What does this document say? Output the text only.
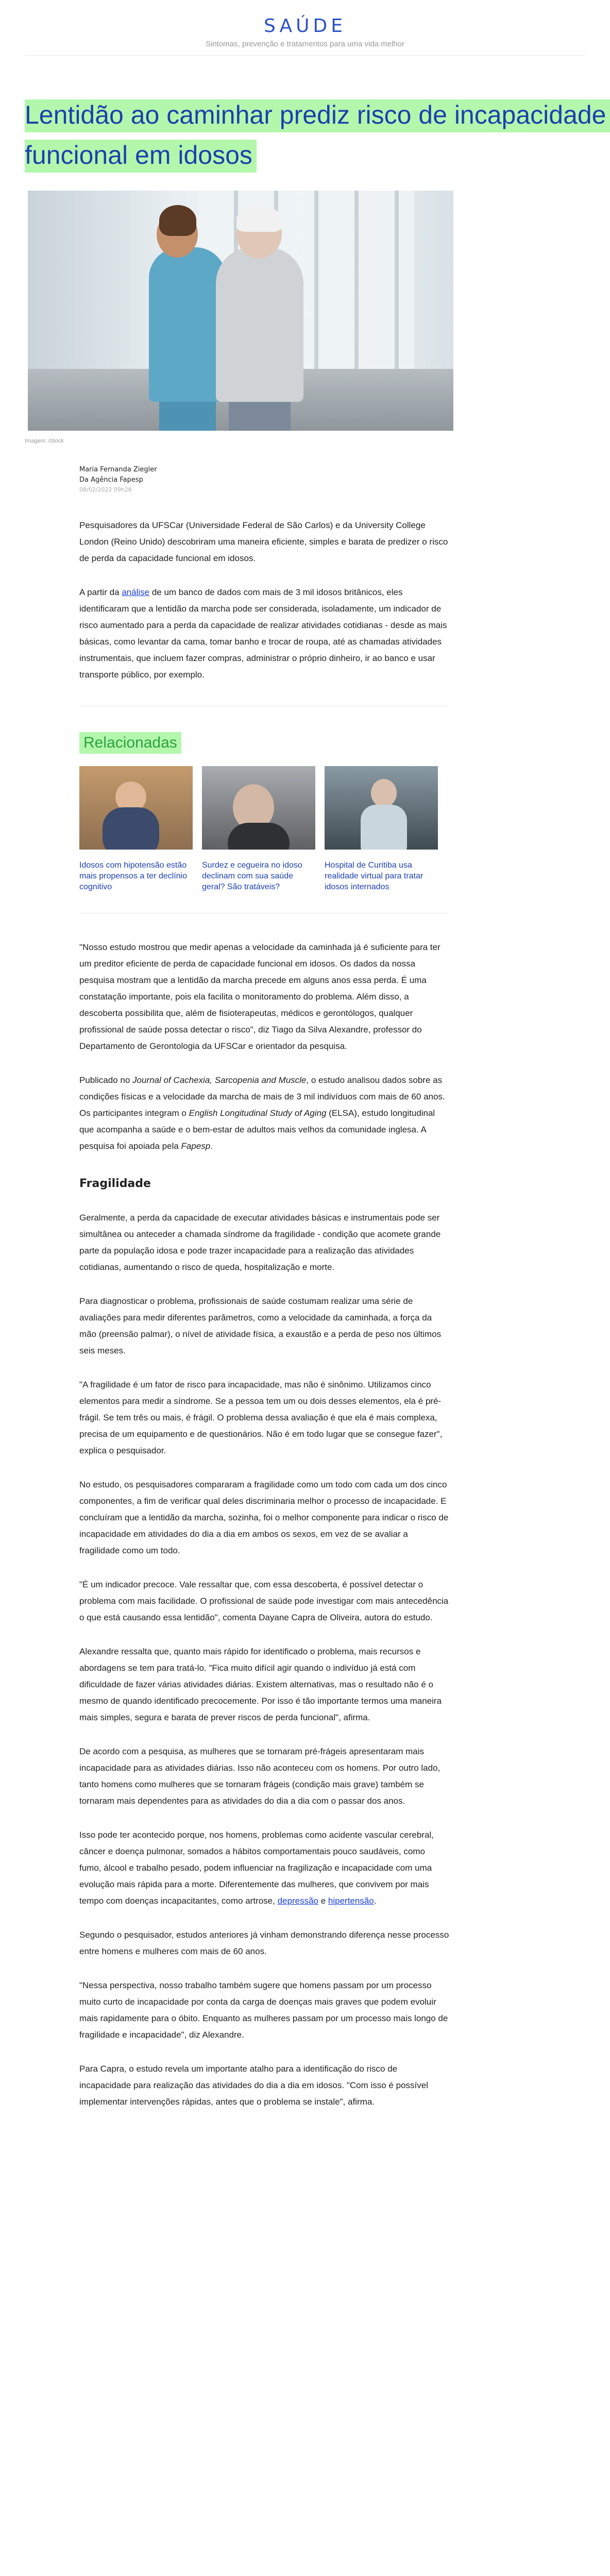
SAÚDE
Sintomas, prevenção e tratamentos para uma vida melhor
Lentidão ao caminhar prediz risco de incapacidade funcional em idosos
Imagem: iStock
Maria Fernanda Ziegler
Da Agência Fapesp
08/02/2022 09h26

Pesquisadores da UFSCar (Universidade Federal de São Carlos) e da University College London (Reino Unido) descobriram uma maneira eficiente, simples e barata de predizer o risco de perda da capacidade funcional em idosos.

A partir da análise de um banco de dados com mais de 3 mil idosos britânicos, eles identificaram que a lentidão da marcha pode ser considerada, isoladamente, um indicador de risco aumentado para a perda da capacidade de realizar atividades cotidianas - desde as mais básicas, como levantar da cama, tomar banho e trocar de roupa, até as chamadas atividades instrumentais, que incluem fazer compras, administrar o próprio dinheiro, ir ao banco e usar transporte público, por exemplo.

Relacionadas
Idosos com hipotensão estão mais propensos a ter declínio cognitivo
Surdez e cegueira no idoso declinam com sua saúde geral? São tratáveis?
Hospital de Curitiba usa realidade virtual para tratar idosos internados

"Nosso estudo mostrou que medir apenas a velocidade da caminhada já é suficiente para ter um preditor eficiente de perda de capacidade funcional em idosos. Os dados da nossa pesquisa mostram que a lentidão da marcha precede em alguns anos essa perda. É uma constatação importante, pois ela facilita o monitoramento do problema. Além disso, a descoberta possibilita que, além de fisioterapeutas, médicos e gerontólogos, qualquer profissional de saúde possa detectar o risco", diz Tiago da Silva Alexandre, professor do Departamento de Gerontologia da UFSCar e orientador da pesquisa.

Publicado no Journal of Cachexia, Sarcopenia and Muscle, o estudo analisou dados sobre as condições físicas e a velocidade da marcha de mais de 3 mil indivíduos com mais de 60 anos. Os participantes integram o English Longitudinal Study of Aging (ELSA), estudo longitudinal que acompanha a saúde e o bem-estar de adultos mais velhos da comunidade inglesa. A pesquisa foi apoiada pela Fapesp.

Fragilidade

Geralmente, a perda da capacidade de executar atividades básicas e instrumentais pode ser simultânea ou anteceder a chamada síndrome da fragilidade - condição que acomete grande parte da população idosa e pode trazer incapacidade para a realização das atividades cotidianas, aumentando o risco de queda, hospitalização e morte.

Para diagnosticar o problema, profissionais de saúde costumam realizar uma série de avaliações para medir diferentes parâmetros, como a velocidade da caminhada, a força da mão (preensão palmar), o nível de atividade física, a exaustão e a perda de peso nos últimos seis meses.

"A fragilidade é um fator de risco para incapacidade, mas não é sinônimo. Utilizamos cinco elementos para medir a síndrome. Se a pessoa tem um ou dois desses elementos, ela é pré-frágil. Se tem três ou mais, é frágil. O problema dessa avaliação é que ela é mais complexa, precisa de um equipamento e de questionários. Não é em todo lugar que se consegue fazer", explica o pesquisador.

No estudo, os pesquisadores compararam a fragilidade como um todo com cada um dos cinco componentes, a fim de verificar qual deles discriminaria melhor o processo de incapacidade. E concluíram que a lentidão da marcha, sozinha, foi o melhor componente para indicar o risco de incapacidade em atividades do dia a dia em ambos os sexos, em vez de se avaliar a fragilidade como um todo.

"É um indicador precoce. Vale ressaltar que, com essa descoberta, é possível detectar o problema com mais facilidade. O profissional de saúde pode investigar com mais antecedência o que está causando essa lentidão", comenta Dayane Capra de Oliveira, autora do estudo.

Alexandre ressalta que, quanto mais rápido for identificado o problema, mais recursos e abordagens se tem para tratá-lo. "Fica muito difícil agir quando o indivíduo já está com dificuldade de fazer várias atividades diárias. Existem alternativas, mas o resultado não é o mesmo de quando identificado precocemente. Por isso é tão importante termos uma maneira mais simples, segura e barata de prever riscos de perda funcional", afirma.

De acordo com a pesquisa, as mulheres que se tornaram pré-frágeis apresentaram mais incapacidade para as atividades diárias. Isso não aconteceu com os homens. Por outro lado, tanto homens como mulheres que se tornaram frágeis (condição mais grave) também se tornaram mais dependentes para as atividades do dia a dia com o passar dos anos.

Isso pode ter acontecido porque, nos homens, problemas como acidente vascular cerebral, câncer e doença pulmonar, somados a hábitos comportamentais pouco saudáveis, como fumo, álcool e trabalho pesado, podem influenciar na fragilização e incapacidade com uma evolução mais rápida para a morte. Diferentemente das mulheres, que convivem por mais tempo com doenças incapacitantes, como artrose, depressão e hipertensão.

Segundo o pesquisador, estudos anteriores já vinham demonstrando diferença nesse processo entre homens e mulheres com mais de 60 anos.

"Nessa perspectiva, nosso trabalho também sugere que homens passam por um processo muito curto de incapacidade por conta da carga de doenças mais graves que podem evoluir mais rapidamente para o óbito. Enquanto as mulheres passam por um processo mais longo de fragilidade e incapacidade", diz Alexandre.

Para Capra, o estudo revela um importante atalho para a identificação do risco de incapacidade para realização das atividades do dia a dia em idosos. "Com isso é possível implementar intervenções rápidas, antes que o problema se instale", afirma.
